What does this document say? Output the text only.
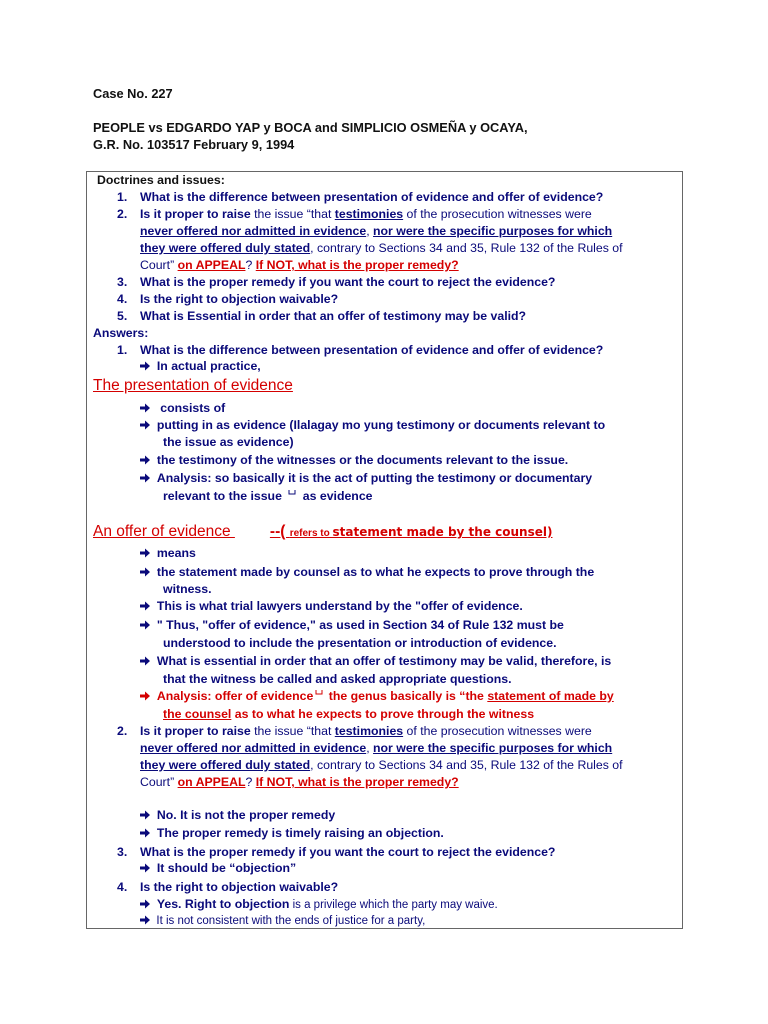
Case No. 227
PEOPLE vs EDGARDO YAP y BOCA and SIMPLICIO OSMEÑA y OCAYA,
G.R. No. 103517 February 9, 1994
Doctrines and issues:
1. What is the difference between presentation of evidence and offer of evidence?
2. Is it proper to raise the issue “that testimonies of the prosecution witnesses were
never offered nor admitted in evidence, nor were the specific purposes for which
they were offered duly stated, contrary to Sections 34 and 35, Rule 132 of the Rules of
Court” on APPEAL? If NOT, what is the proper remedy?
3. What is the proper remedy if you want the court to reject the evidence?
4. Is the right to objection waivable?
5. What is Essential in order that an offer of testimony may be valid?
Answers:
1. What is the difference between presentation of evidence and offer of evidence?
In actual practice,
The presentation of evidence
consists of
putting in as evidence (Ilalagay mo yung testimony or documents relevant to
the issue as evidence)
the testimony of the witnesses or the documents relevant to the issue.
Analysis: so basically it is the act of putting the testimony or documentary
relevant to the issue as evidence
An offer of evidence --( refers to statement made by the counsel)
means
the statement made by counsel as to what he expects to prove through the
witness.
This is what trial lawyers understand by the "offer of evidence.
" Thus, "offer of evidence," as used in Section 34 of Rule 132 must be
understood to include the presentation or introduction of evidence.
What is essential in order that an offer of testimony may be valid, therefore, is
that the witness be called and asked appropriate questions.
Analysis: offer of evidence the genus basically is “the statement of made by
the counsel as to what he expects to prove through the witness
2. Is it proper to raise the issue “that testimonies of the prosecution witnesses were
never offered nor admitted in evidence, nor were the specific purposes for which
they were offered duly stated, contrary to Sections 34 and 35, Rule 132 of the Rules of
Court” on APPEAL? If NOT, what is the proper remedy?
No. It is not the proper remedy
The proper remedy is timely raising an objection.
3. What is the proper remedy if you want the court to reject the evidence?
It should be “objection”
4. Is the right to objection waivable?
Yes. Right to objection is a privilege which the party may waive.
It is not consistent with the ends of justice for a party,
